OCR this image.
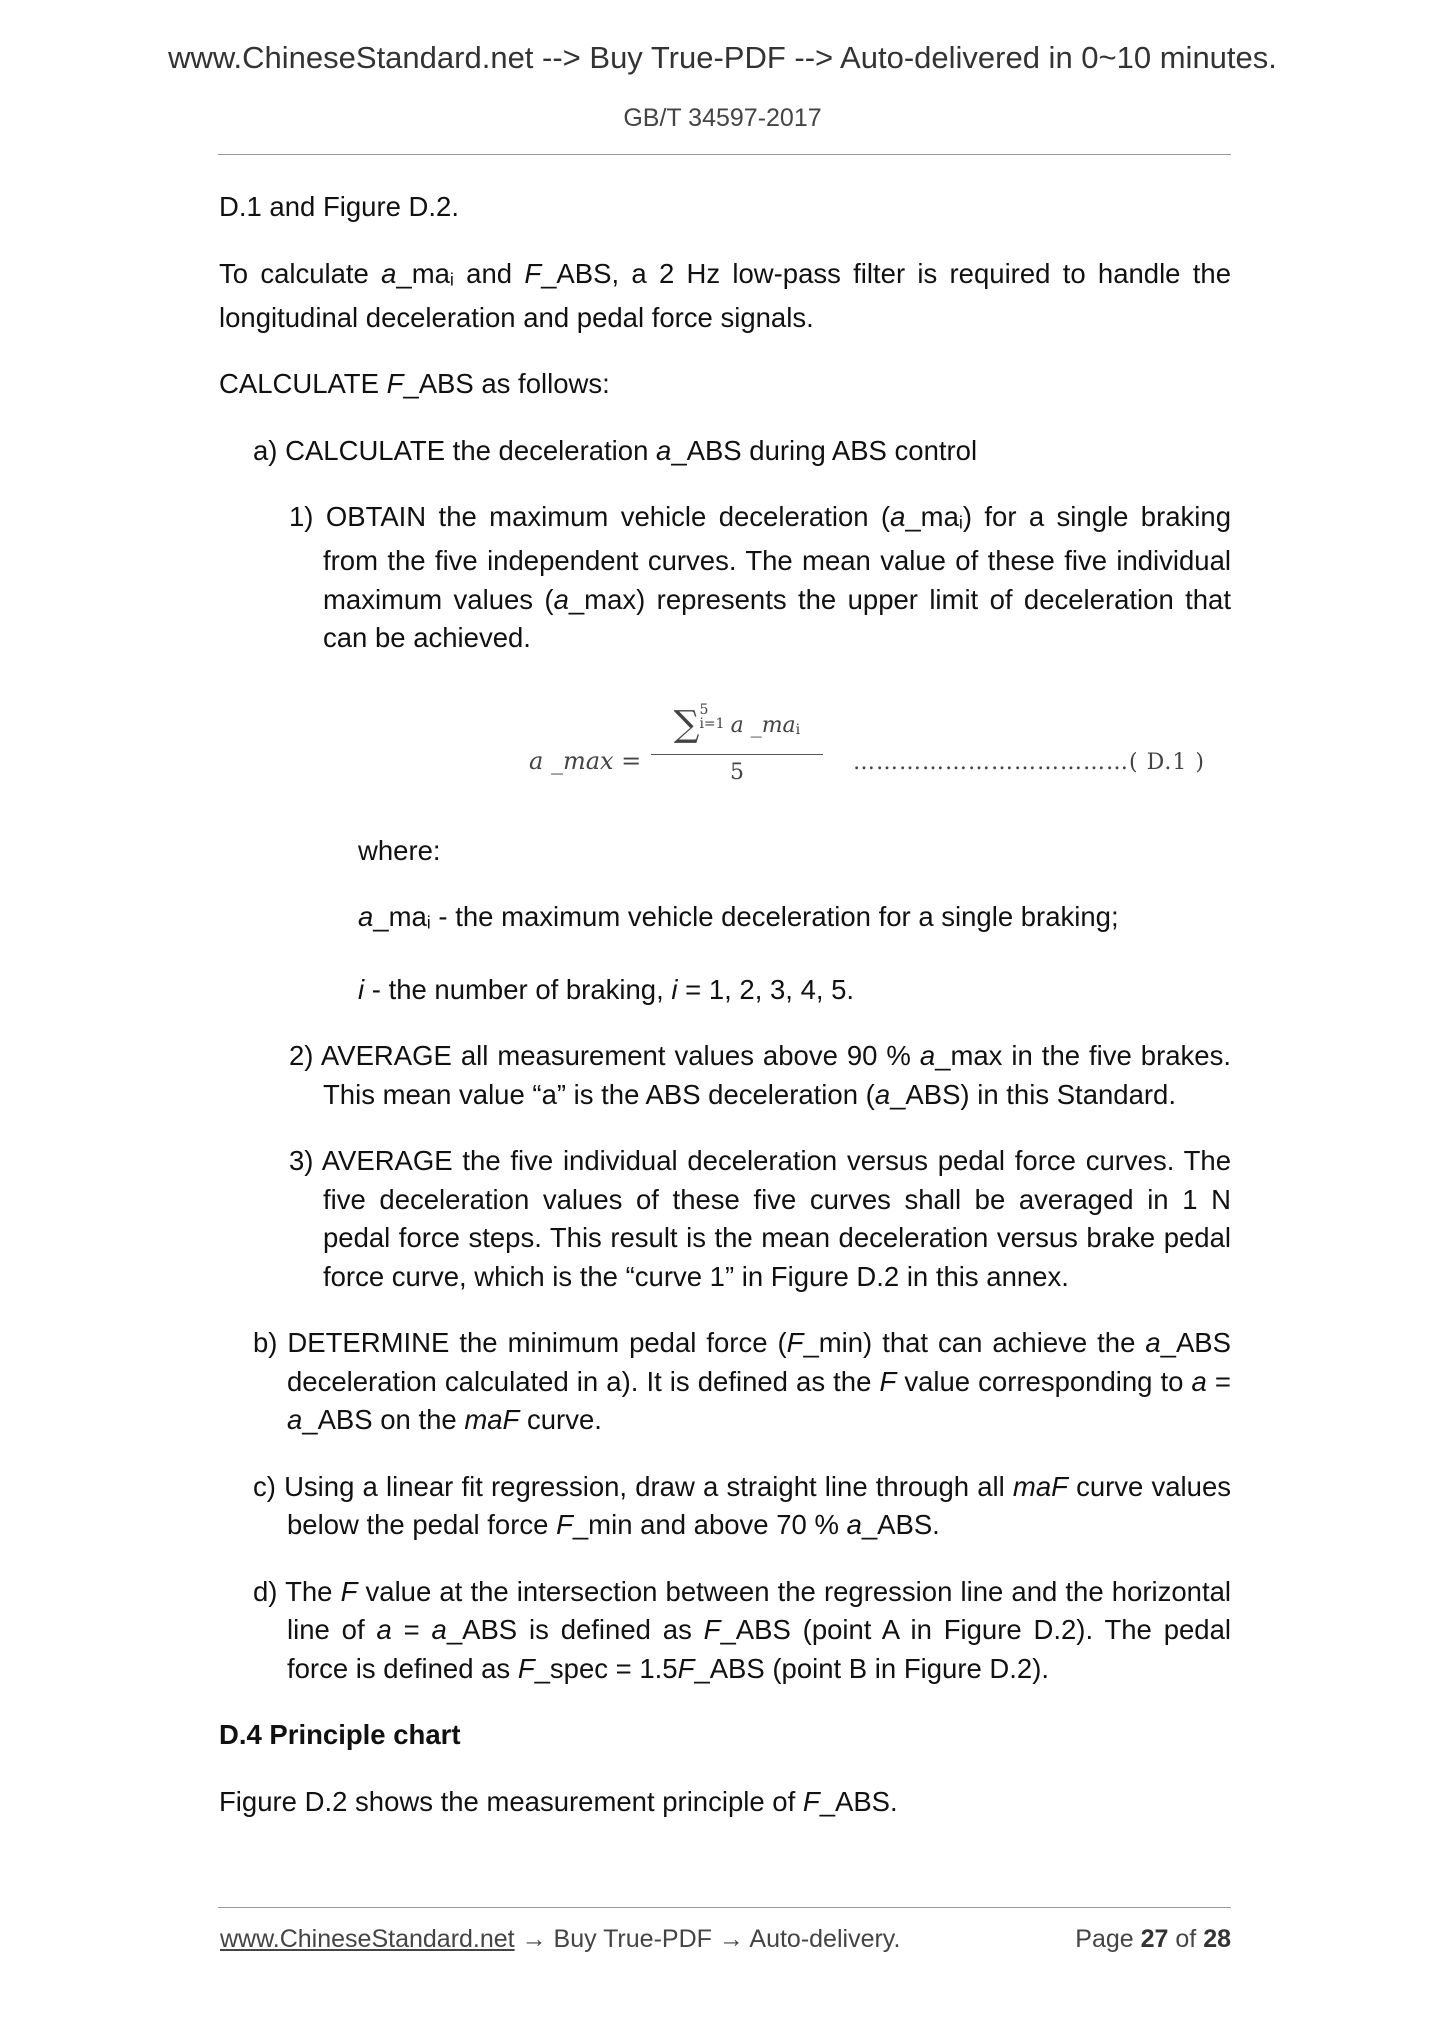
www.ChineseStandard.net --> Buy True-PDF --> Auto-delivered in 0~10 minutes.
GB/T 34597-2017

D.1 and Figure D.2.

To calculate $a\_ma_i$ and F_ABS, a 2 Hz low-pass filter is required to handle the longitudinal deceleration and pedal force signals.

CALCULATE F_ABS as follows:

a) CALCULATE the deceleration a_ABS during ABS control

1) OBTAIN the maximum vehicle deceleration $(a\_ma_i)$ for a single braking from the five independent curves. The mean value of these five individual maximum values (a_max) represents the upper limit of deceleration that can be achieved.

a _max =
∑5
i=1 a $\_ma_i$
5	………………………………( D.1 )

where:

$a\_ma_i$ - the maximum vehicle deceleration for a single braking;

i - the number of braking, i = 1, 2, 3, 4, 5.

2) AVERAGE all measurement values above 90 % a_max in the five brakes. This mean value “a” is the ABS deceleration (a_ABS) in this Standard.

3) AVERAGE the five individual deceleration versus pedal force curves. The five deceleration values of these five curves shall be averaged in 1 N pedal force steps. This result is the mean deceleration versus brake pedal force curve, which is the “curve 1” in Figure D.2 in this annex.

b) DETERMINE the minimum pedal force (F_min) that can achieve the a_ABS deceleration calculated in a). It is defined as the F value corresponding to a = a_ABS on the maF curve.

c) Using a linear fit regression, draw a straight line through all maF curve values below the pedal force F_min and above 70 % a_ABS.

d) The F value at the intersection between the regression line and the horizontal line of a = a_ABS is defined as F_ABS (point A in Figure D.2). The pedal force is defined as F_spec = 1.5F_ABS (point B in Figure D.2).

D.4 Principle chart

Figure D.2 shows the measurement principle of F_ABS.

www.ChineseStandard.net → Buy True-PDF → Auto-delivery.	Page 27 of 28
